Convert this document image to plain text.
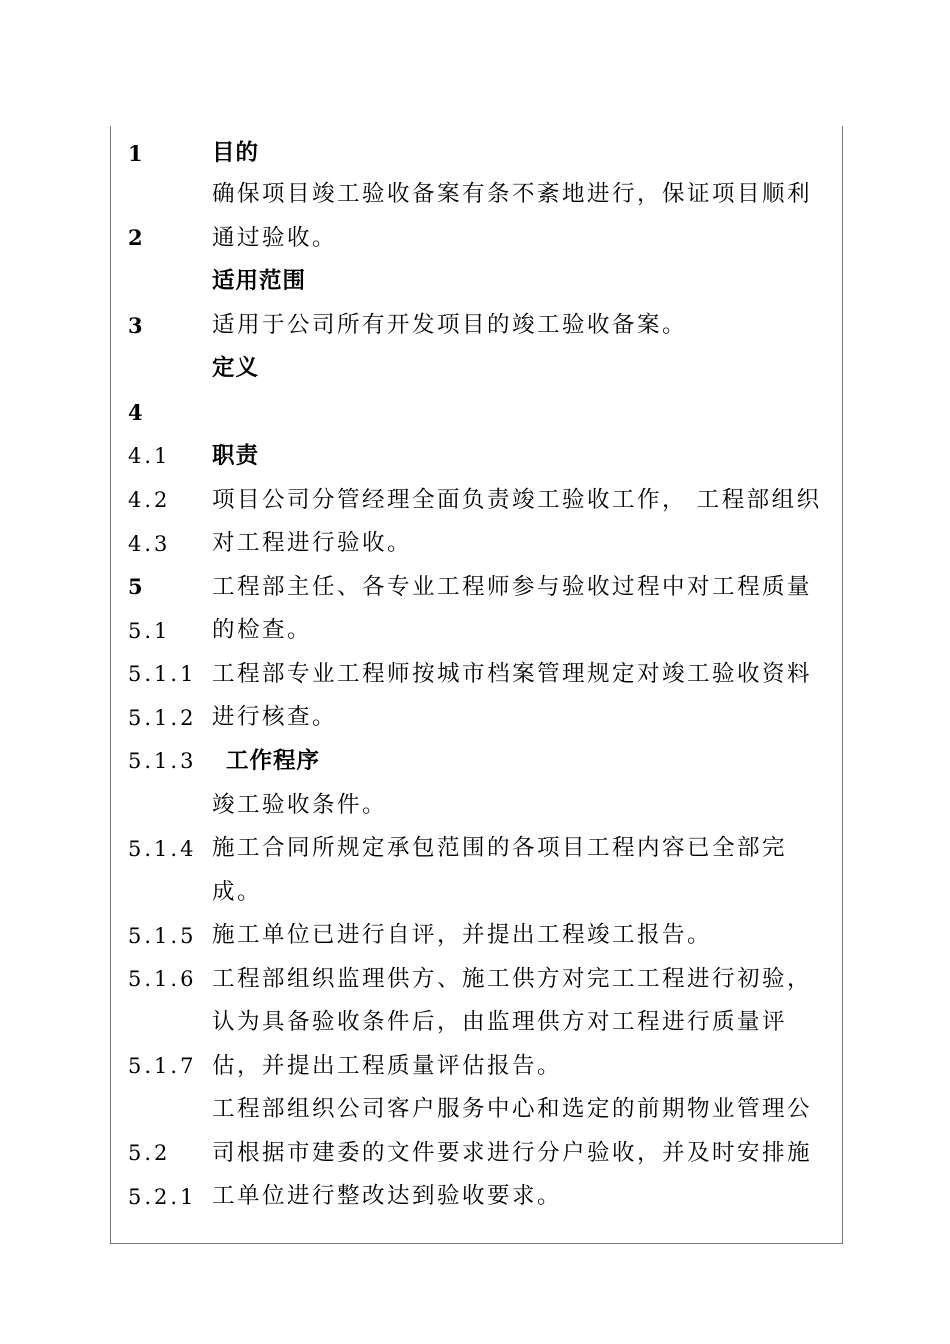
1
2
3
4
4.1
4.2
4.3
5
5.1
5.1.1
5.1.2
5.1.3
5.1.4
5.1.5
5.1.6
5.1.7
5.2
5.2.1
目的
确保项目竣工验收备案有条不紊地进行，保证项目顺利
通过验收。
适用范围
适用于公司所有开发项目的竣工验收备案。
定义
职责
项目公司分管经理全面负责竣工验收工作， 工程部组织
对工程进行验收。
工程部主任、各专业工程师参与验收过程中对工程质量
的检查。
工程部专业工程师按城市档案管理规定对竣工验收资料
进行核查。
工作程序
竣工验收条件。
施工合同所规定承包范围的各项目工程内容已全部完
成。
施工单位已进行自评，并提出工程竣工报告。
工程部组织监理供方、施工供方对完工工程进行初验，
认为具备验收条件后，由监理供方对工程进行质量评
估，并提出工程质量评估报告。
工程部组织公司客户服务中心和选定的前期物业管理公
司根据市建委的文件要求进行分户验收，并及时安排施
工单位进行整改达到验收要求。
